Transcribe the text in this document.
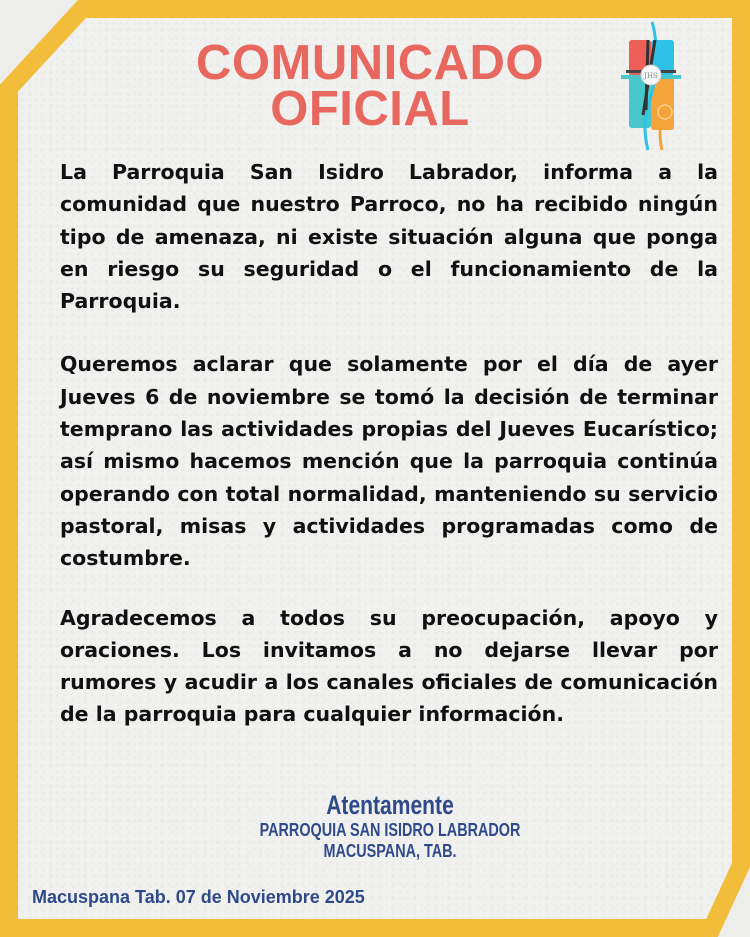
COMUNICADO
OFICIAL
JHS

La Parroquia San Isidro Labrador, informa a la comunidad que nuestro Parroco, no ha recibido ningún tipo de amenaza, ni existe situación alguna que ponga en riesgo su seguridad o el funcionamiento de la Parroquia.

Queremos aclarar que solamente por el día de ayer Jueves 6 de noviembre se tomó la decisión de terminar temprano las actividades propias del Jueves Eucarístico; así mismo hacemos mención que la parroquia continúa operando con total normalidad, manteniendo su servicio pastoral, misas y actividades programadas como de costumbre.

Agradecemos a todos su preocupación, apoyo y oraciones. Los invitamos a no dejarse llevar por rumores y acudir a los canales oficiales de comunicación de la parroquia para cualquier información.

Atentamente
PARROQUIA SAN ISIDRO LABRADOR
MACUSPANA, TAB.
Macuspana Tab. 07 de Noviembre 2025
